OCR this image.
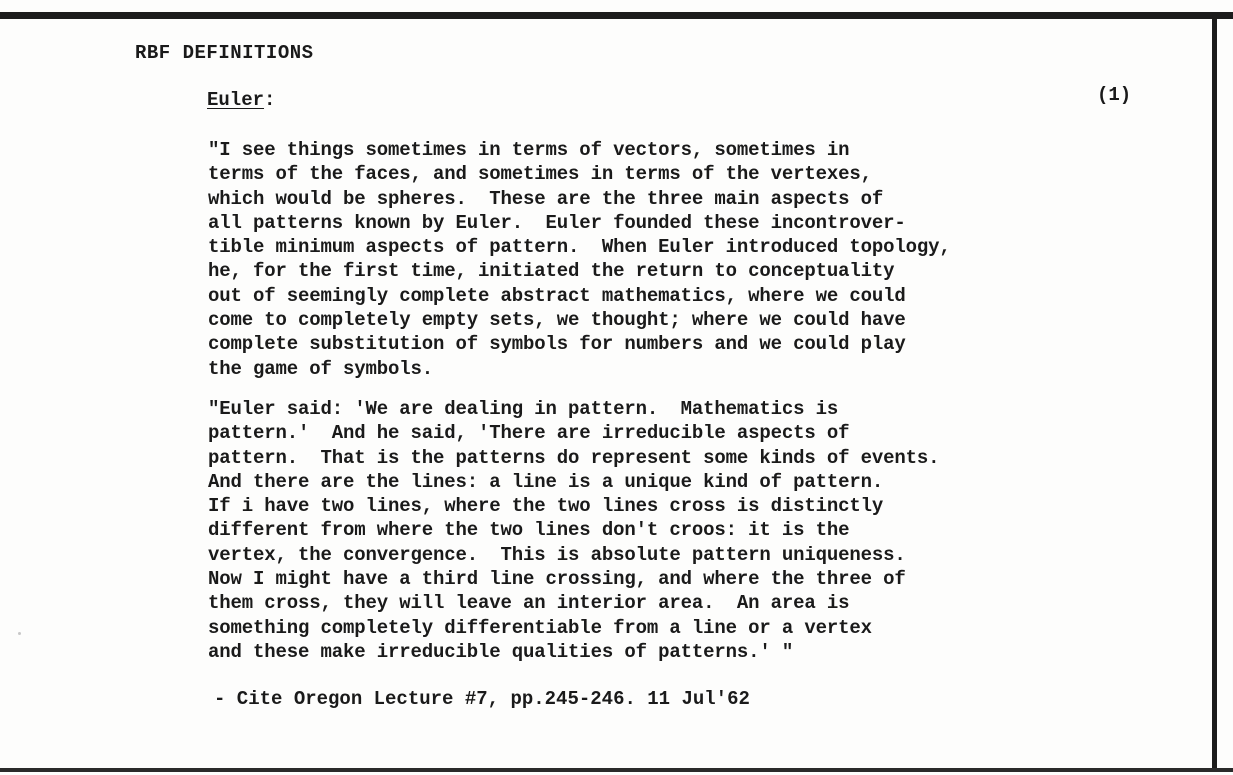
RBF DEFINITIONS
Euler:	(1)

"I see things sometimes in terms of vectors, sometimes in
terms of the faces, and sometimes in terms of the vertexes,
which would be spheres.  These are the three main aspects of
all patterns known by Euler.  Euler founded these incontrover-
tible minimum aspects of pattern.  When Euler introduced topology,
he, for the first time, initiated the return to conceptuality
out of seemingly complete abstract mathematics, where we could
come to completely empty sets, we thought; where we could have
complete substitution of symbols for numbers and we could play
the game of symbols.

"Euler said: 'We are dealing in pattern.  Mathematics is
pattern.'  And he said, 'There are irreducible aspects of
pattern.  That is the patterns do represent some kinds of events.
And there are the lines: a line is a unique kind of pattern.
If i have two lines, where the two lines cross is distinctly
different from where the two lines don't croos: it is the
vertex, the convergence.  This is absolute pattern uniqueness.
Now I might have a third line crossing, and where the three of
them cross, they will leave an interior area.  An area is
something completely differentiable from a line or a vertex
and these make irreducible qualities of patterns.' "

- Cite Oregon Lecture #7, pp.245-246. 11 Jul'62
